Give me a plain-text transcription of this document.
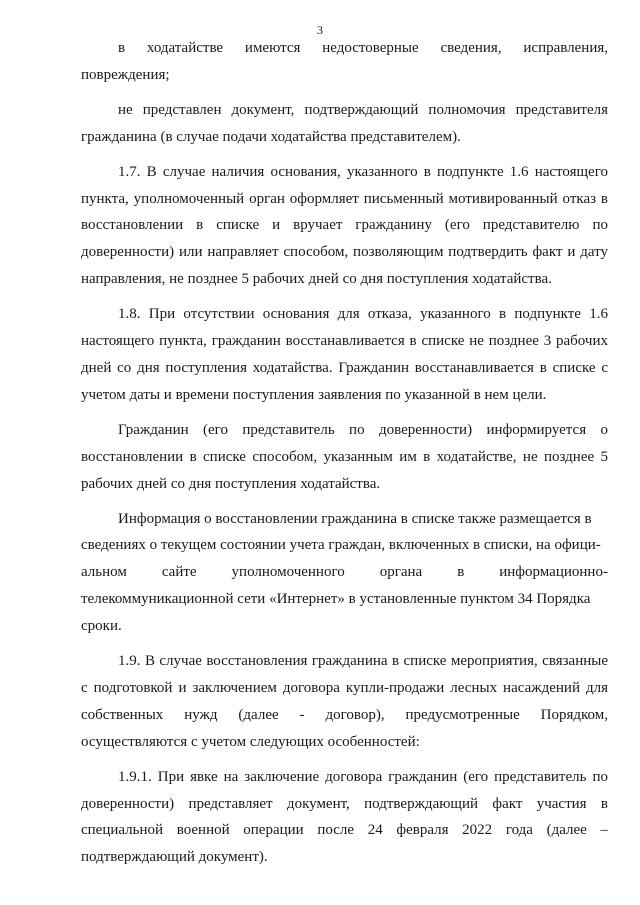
3

в ходатайстве имеются недостоверные сведения, исправления, повреждения;

не представлен документ, подтверждающий полномочия представителя гражданина (в случае подачи ходатайства представителем).

1.7. В случае наличия основания, указанного в подпункте 1.6 настоящего пункта, уполномоченный орган оформляет письменный мотивированный отказ в восстановлении в списке и вручает гражданину (его представителю по доверенности) или направляет способом, позволяющим подтвердить факт и дату направления, не позднее 5 рабочих дней со дня поступления ходатайства.

1.8. При отсутствии основания для отказа, указанного в подпункте 1.6 настоящего пункта, гражданин восстанавливается в списке не позднее 3 рабочих дней со дня поступления ходатайства. Гражданин восстанавливается в списке с учетом даты и времени поступления заявления по указанной в нем цели.

Гражданин (его представитель по доверенности) информируется о восстановлении в списке способом, указанным им в ходатайстве, не позднее 5 рабочих дней со дня поступления ходатайства.

Информация о восстановлении гражданина в списке также размещается в

сведениях о текущем состоянии учета граждан, включенных в списки, на офици-

альном сайте уполномоченного органа в информационно-

телекоммуникационной сети «Интернет» в установленные пунктом 34 Порядка

сроки.

1.9. В случае восстановления гражданина в списке мероприятия, связанные с подготовкой и заключением договора купли-продажи лесных насаждений для собственных нужд (далее - договор), предусмотренные Порядком, осуществляются с учетом следующих особенностей:

1.9.1. При явке на заключение договора гражданин (его представитель по доверенности) представляет документ, подтверждающий факт участия в специальной военной операции после 24 февраля 2022 года (далее – подтверждающий документ).
